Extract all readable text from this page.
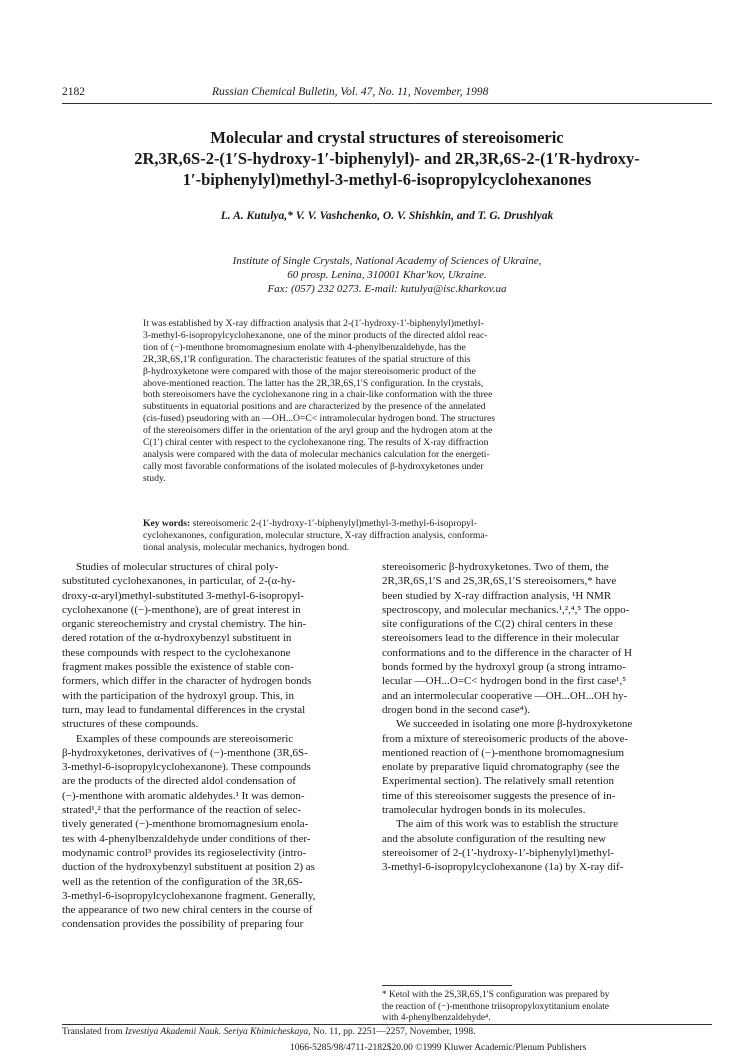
2182	Russian Chemical Bulletin, Vol. 47, No. 11, November, 1998
Molecular and crystal structures of stereoisomeric
2R,3R,6S-2-(1′S-hydroxy-1′-biphenylyl)- and 2R,3R,6S-2-(1′R-hydroxy-
1′-biphenylyl)methyl-3-methyl-6-isopropylcyclohexanones
L. A. Kutulya,* V. V. Vashchenko, O. V. Shishkin, and T. G. Drushlyak
Institute of Single Crystals, National Academy of Sciences of Ukraine,
60 prosp. Lenina, 310001 Khar′kov, Ukraine.
Fax: (057) 232 0273. E-mail: kutulya@isc.kharkov.ua
It was established by X-ray diffraction analysis that 2-(1′-hydroxy-1′-biphenylyl)methyl-
3-methyl-6-isopropylcyclohexanone, one of the minor products of the directed aldol reac-
tion of (−)-menthone bromomagnesium enolate with 4-phenylbenzaldehyde, has the
2R,3R,6S,1′R configuration. The characteristic features of the spatial structure of this
β-hydroxyketone were compared with those of the major stereoisomeric product of the
above-mentioned reaction. The latter has the 2R,3R,6S,1′S configuration. In the crystals,
both stereoisomers have the cyclohexanone ring in a chair-like conformation with the three
substituents in equatorial positions and are characterized by the presence of the annelated
(cis-fused) pseudoring with an —OH...O=C< intramolecular hydrogen bond. The structures
of the stereoisomers differ in the orientation of the aryl group and the hydrogen atom at the
C(1′) chiral center with respect to the cyclohexanone ring. The results of X-ray diffraction
analysis were compared with the data of molecular mechanics calculation for the energeti-
cally most favorable conformations of the isolated molecules of β-hydroxyketones under
study.
Key words: stereoisomeric 2-(1′-hydroxy-1′-biphenylyl)methyl-3-methyl-6-isopropyl-
cyclohexanones, configuration, molecular structure, X-ray diffraction analysis, conforma-
tional analysis, molecular mechanics, hydrogen bond.
Studies of molecular structures of chiral poly-
substituted cyclohexanones, in particular, of 2-(α-hy-
droxy-α-aryl)methyl-substituted 3-methyl-6-isopropyl-
cyclohexanone ((−)-menthone), are of great interest in
organic stereochemistry and crystal chemistry. The hin-
dered rotation of the α-hydroxybenzyl substituent in
these compounds with respect to the cyclohexanone
fragment makes possible the existence of stable con-
formers, which differ in the character of hydrogen bonds
with the participation of the hydroxyl group. This, in
turn, may lead to fundamental differences in the crystal
structures of these compounds.
Examples of these compounds are stereoisomeric
β-hydroxyketones, derivatives of (−)-menthone (3R,6S-
3-methyl-6-isopropylcyclohexanone). These compounds
are the products of the directed aldol condensation of
(−)-menthone with aromatic aldehydes.¹ It was demon-
strated¹,² that the performance of the reaction of selec-
tively generated (−)-menthone bromomagnesium enola-
tes with 4-phenylbenzaldehyde under conditions of ther-
modynamic control³ provides its regioselectivity (intro-
duction of the hydroxybenzyl substituent at position 2) as
well as the retention of the configuration of the 3R,6S-
3-methyl-6-isopropylcyclohexanone fragment. Generally,
the appearance of two new chiral centers in the course of
condensation provides the possibility of preparing four
stereoisomeric β-hydroxyketones. Two of them, the
2R,3R,6S,1′S and 2S,3R,6S,1′S stereoisomers,* have
been studied by X-ray diffraction analysis, ¹H NMR
spectroscopy, and molecular mechanics.¹,²,⁴,⁵ The oppo-
site configurations of the C(2) chiral centers in these
stereoisomers lead to the difference in their molecular
conformations and to the difference in the character of H
bonds formed by the hydroxyl group (a strong intramo-
lecular —OH...O=C< hydrogen bond in the first case¹,⁵
and an intermolecular cooperative —OH...OH...OH hy-
drogen bond in the second case⁴).
We succeeded in isolating one more β-hydroxyketone
from a mixture of stereoisomeric products of the above-
mentioned reaction of (−)-menthone bromomagnesium
enolate by preparative liquid chromatography (see the
Experimental section). The relatively small retention
time of this stereoisomer suggests the presence of in-
tramolecular hydrogen bonds in its molecules.
The aim of this work was to establish the structure
and the absolute configuration of the resulting new
stereoisomer of 2-(1′-hydroxy-1′-biphenylyl)methyl-
3-methyl-6-isopropylcyclohexanone (1a) by X-ray dif-
* Ketol with the 2S,3R,6S,1′S configuration was prepared by
the reaction of (−)-menthone triisopropyloxytitanium enolate
with 4-phenylbenzaldehyde⁴.
Translated from Izvestiya Akademii Nauk. Seriya Khimicheskaya, No. 11, pp. 2251—2257, November, 1998.
1066-5285/98/4711-2182$20.00 ©1999 Kluwer Academic/Plenum Publishers
